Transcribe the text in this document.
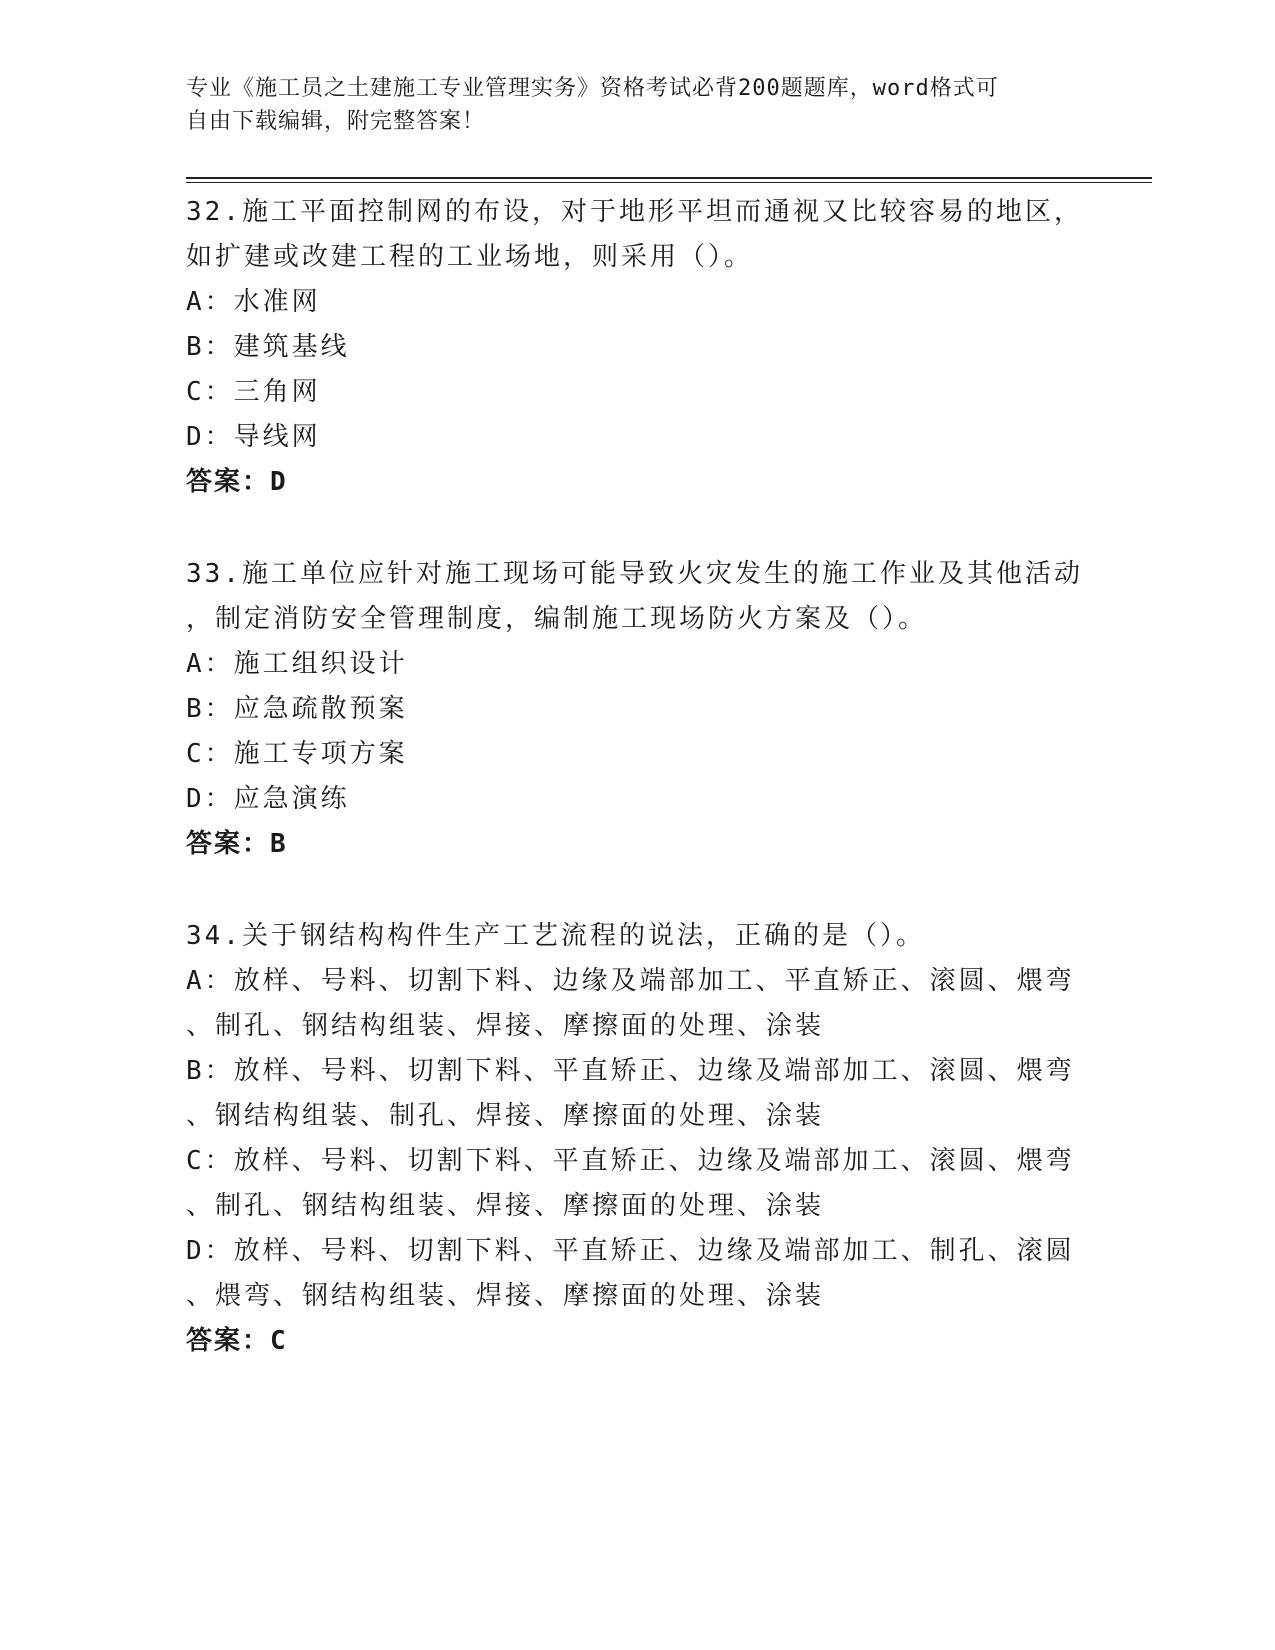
专业《施工员之土建施工专业管理实务》资格考试必背200题题库，word格式可
自由下载编辑，附完整答案！
32.施工平面控制网的布设，对于地形平坦而通视又比较容易的地区，
如扩建或改建工程的工业场地，则采用（）。
A：水准网
B：建筑基线
C：三角网
D：导线网
答案：D
33.施工单位应针对施工现场可能导致火灾发生的施工作业及其他活动
，制定消防安全管理制度，编制施工现场防火方案及（）。
A：施工组织设计
B：应急疏散预案
C：施工专项方案
D：应急演练
答案：B
34.关于钢结构构件生产工艺流程的说法，正确的是（）。
A：放样、号料、切割下料、边缘及端部加工、平直矫正、滚圆、煨弯
、制孔、钢结构组装、焊接、摩擦面的处理、涂装
B：放样、号料、切割下料、平直矫正、边缘及端部加工、滚圆、煨弯
、钢结构组装、制孔、焊接、摩擦面的处理、涂装
C：放样、号料、切割下料、平直矫正、边缘及端部加工、滚圆、煨弯
、制孔、钢结构组装、焊接、摩擦面的处理、涂装
D：放样、号料、切割下料、平直矫正、边缘及端部加工、制孔、滚圆
、煨弯、钢结构组装、焊接、摩擦面的处理、涂装
答案：C
